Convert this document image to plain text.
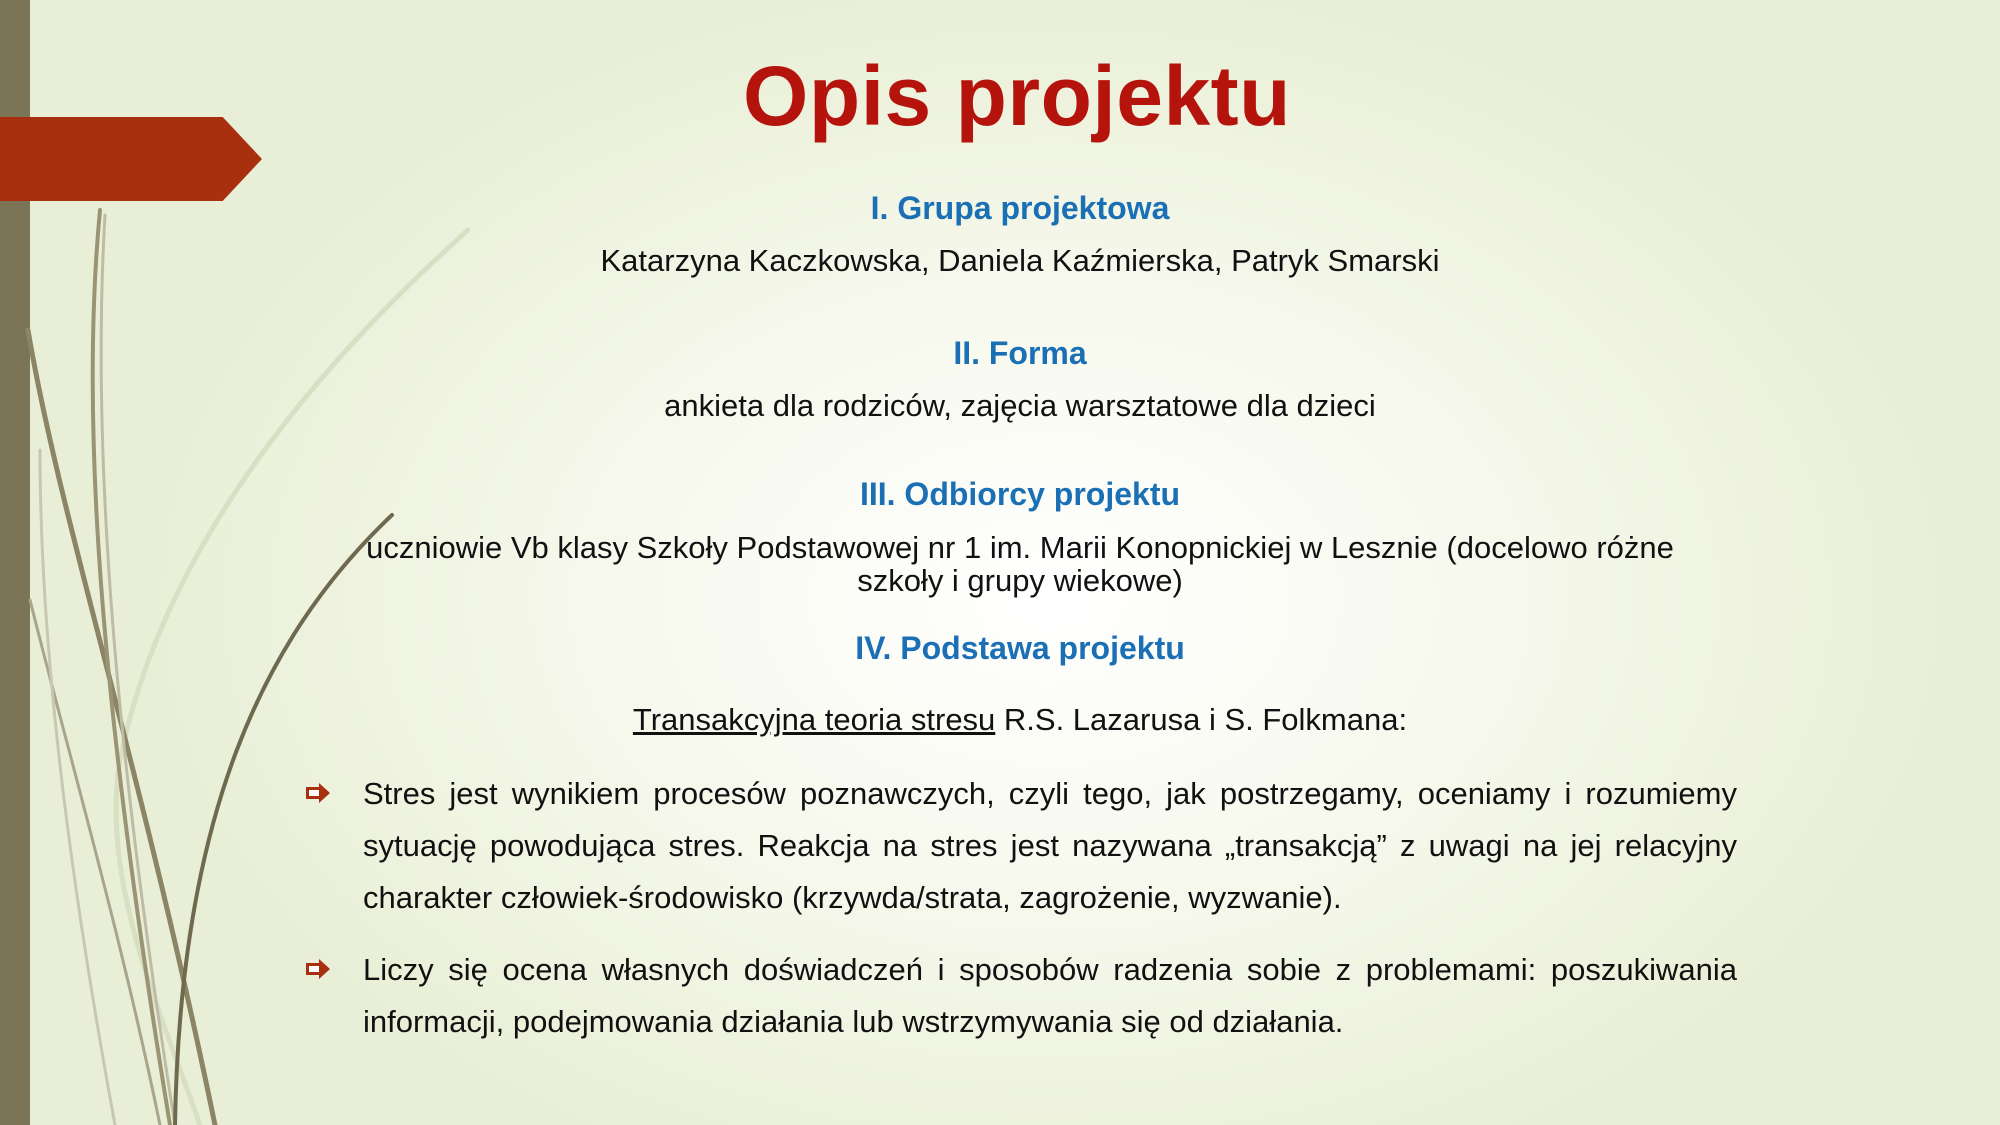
Opis projektu
I. Grupa projektowa
Katarzyna Kaczkowska, Daniela Kaźmierska, Patryk Smarski
II. Forma
ankieta dla rodziców, zajęcia warsztatowe dla dzieci
III. Odbiorcy projektu
uczniowie Vb klasy Szkoły Podstawowej nr 1 im. Marii Konopnickiej w Lesznie (docelowo różne
szkoły i grupy wiekowe)
IV. Podstawa projektu
Transakcyjna teoria stresu R.S. Lazarusa i S. Folkmana:
Stres jest wynikiem procesów poznawczych, czyli tego, jak postrzegamy, oceniamy i rozumiemy sytuację powodująca stres. Reakcja na stres jest nazywana „transakcją” z uwagi na jej relacyjny charakter człowiek-środowisko (krzywda/strata, zagrożenie, wyzwanie).
Liczy się ocena własnych doświadczeń i sposobów radzenia sobie z problemami: poszukiwania informacji, podejmowania działania lub wstrzymywania się od działania.
